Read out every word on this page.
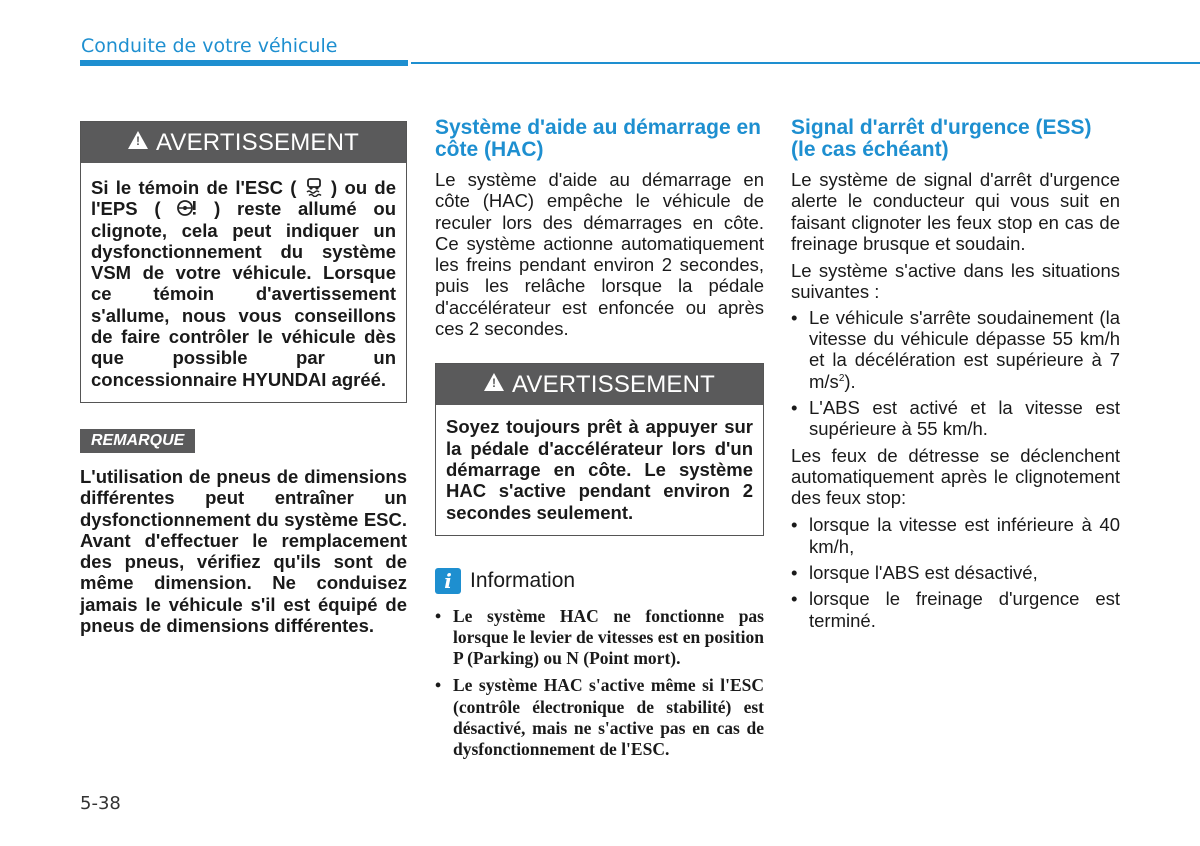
Conduite de votre véhicule
! AVERTISSEMENT
Si le témoin de l'ESC ( ) ou de l'EPS (	) reste allumé ou clignote, cela peut indiquer un dysfonctionnement du système VSM de votre véhicule. Lorsque ce témoin d'avertissement s'allume, nous vous conseillons de faire contrôler le véhicule dès que possible par un concessionnaire HYUNDAI agréé.
REMARQUE
L'utilisation de pneus de dimensions différentes peut entraîner un dysfonctionnement du système ESC. Avant d'effectuer le remplacement des pneus, vérifiez qu'ils sont de même dimension. Ne conduisez jamais le véhicule s'il est équipé de pneus de dimensions différentes.
Système d'aide au démarrage en côte (HAC)

Le système d'aide au démarrage en côte (HAC) empêche le véhicule de reculer lors des démarrages en côte. Ce système actionne automatiquement les freins pendant environ 2 secondes, puis les relâche lorsque la pédale d'accélérateur est enfoncée ou après ces 2 secondes.

! AVERTISSEMENT
Soyez toujours prêt à appuyer sur la pédale d'accélérateur lors d'un démarrage en côte. Le système HAC s'active pendant environ 2 secondes seulement.
i Information
• Le système HAC ne fonctionne pas lorsque le levier de vitesses est en position P (Parking) ou N (Point mort).
• Le système HAC s'active même si l'ESC (contrôle électronique de stabilité) est désactivé, mais ne s'active pas en cas de dysfonctionnement de l'ESC.
Signal d'arrêt d'urgence (ESS) (le cas échéant)

Le système de signal d'arrêt d'urgence alerte le conducteur qui vous suit en faisant clignoter les feux stop en cas de freinage brusque et soudain.

Le système s'active dans les situations suivantes :

• Le véhicule s'arrête soudainement (la vitesse du véhicule dépasse 55 km/h et la décélération est supérieure à 7 $m/s^2$).
• L'ABS est activé et la vitesse est supérieure à 55 km/h.

Les feux de détresse se déclenchent automatiquement après le clignotement des feux stop:

• lorsque la vitesse est inférieure à 40 km/h,
• lorsque l'ABS est désactivé,
• lorsque le freinage d'urgence est terminé.
5-38
